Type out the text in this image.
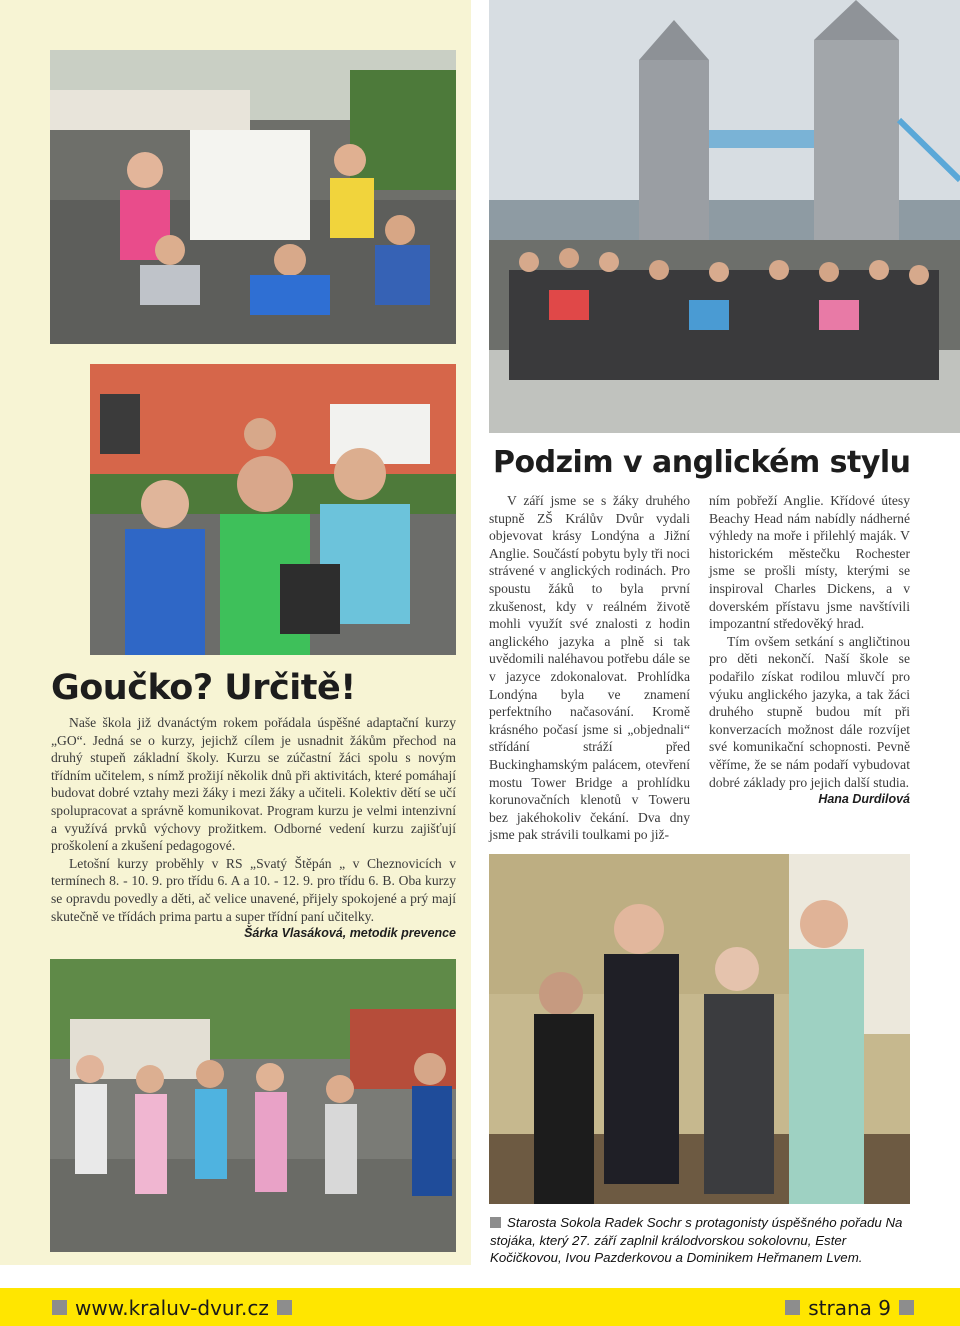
Goučko? Určitě!

Naše škola již dvanáctým rokem pořádala úspěšné adaptační kurzy „GO“. Jedná se o kurzy, jejichž cílem je usnadnit žákům přechod na druhý stupeň základní školy. Kurzu se zúčastní žáci spolu s novým třídním učitelem, s nímž prožijí několik dnů při aktivitách, které pomáhají budovat dobré vztahy mezi žáky i mezi žáky a učiteli. Kolektiv dětí se učí spolupracovat a správně komunikovat. Program kurzu je velmi intenzivní a využívá prvků výchovy prožitkem. Odborné vedení kurzu zajišťují proškolení a zkušení pedagogové.

Letošní kurzy proběhly v RS „Svatý Štěpán „ v Cheznovicích v termínech 8. - 10. 9. pro třídu 6. A a 10. - 12. 9. pro třídu 6. B. Oba kurzy se opravdu povedly a děti, ač velice unavené, přijely spokojené a prý mají skutečně ve třídách prima partu a super třídní paní učitelky.

Šárka Vlasáková, metodik prevence

Podzim v anglickém stylu

V září jsme se s žáky druhého stupně ZŠ Králův Dvůr vydali objevovat krásy Londýna a Jižní Anglie. Součástí pobytu byly tři noci strávené v anglických rodinách. Pro spoustu žáků to byla první zkušenost, kdy v reálném životě mohli využít své znalosti z hodin anglického jazyka a plně si tak uvědomili naléhavou potřebu dále se v jazyce zdokonalovat. Prohlídka Londýna byla ve znamení perfektního načasování. Kromě krásného počasí jsme si „objednali“ střídání stráží před Buckinghamským palácem, otevření mostu Tower Bridge a prohlídku korunovačních klenotů v Toweru bez jakéhokoliv čekání. Dva dny jsme pak strávili toulkami po již-

ním pobřeží Anglie. Křídové útesy Beachy Head nám nabídly nádherné výhledy na moře i přilehlý maják. V historickém městečku Rochester jsme se prošli místy, kterými se inspiroval Charles Dickens, a v doverském přístavu jsme navštívili impozantní středověký hrad.

Tím ovšem setkání s angličtinou pro děti nekončí. Naší škole se podařilo získat rodilou mluvčí pro výuku anglického jazyka, a tak žáci druhého stupně budou mít při konverzacích možnost dále rozvíjet své komunikační schopnosti. Pevně věříme, že se nám podaří vybudovat dobré základy pro jejich další studia.

Hana Durdilová

Starosta Sokola Radek Sochr s protagonisty úspěšného pořadu Na stojáka, který 27. září zaplnil králodvorskou sokolovnu, Ester Kočičkovou, Ivou Pazderkovou a Dominikem Heřmanem Lvem.
www.kraluv-dvur.cz	strana 9
